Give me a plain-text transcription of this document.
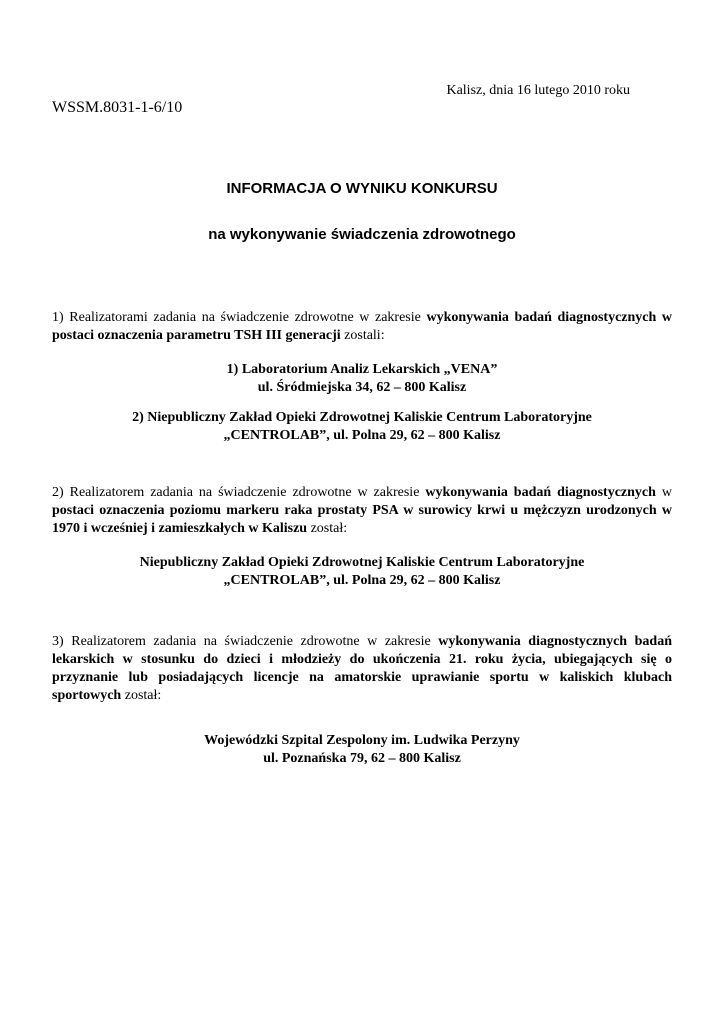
Kalisz, dnia 16 lutego 2010 roku
WSSM.8031-1-6/10
INFORMACJA O WYNIKU KONKURSU
na wykonywanie świadczenia zdrowotnego
1) Realizatorami zadania na świadczenie zdrowotne w zakresie wykonywania badań diagnostycznych w postaci oznaczenia parametru TSH III generacji zostali:
1) Laboratorium Analiz Lekarskich „VENA”
ul. Śródmiejska 34, 62 – 800 Kalisz
2) Niepubliczny Zakład Opieki Zdrowotnej Kaliskie Centrum Laboratoryjne
„CENTROLAB”, ul. Polna 29, 62 – 800 Kalisz
2) Realizatorem zadania na świadczenie zdrowotne w zakresie wykonywania badań diagnostycznych w postaci oznaczenia poziomu markeru raka prostaty PSA w surowicy krwi u mężczyzn urodzonych w 1970 i wcześniej i zamieszkałych w Kaliszu został:
Niepubliczny Zakład Opieki Zdrowotnej Kaliskie Centrum Laboratoryjne
„CENTROLAB”, ul. Polna 29, 62 – 800 Kalisz
3) Realizatorem zadania na świadczenie zdrowotne w zakresie wykonywania diagnostycznych badań lekarskich w stosunku do dzieci i młodzieży do ukończenia 21. roku życia, ubiegających się o przyznanie lub posiadających licencje na amatorskie uprawianie sportu w kaliskich klubach sportowych został:
Wojewódzki Szpital Zespolony im. Ludwika Perzyny
ul. Poznańska 79, 62 – 800 Kalisz
